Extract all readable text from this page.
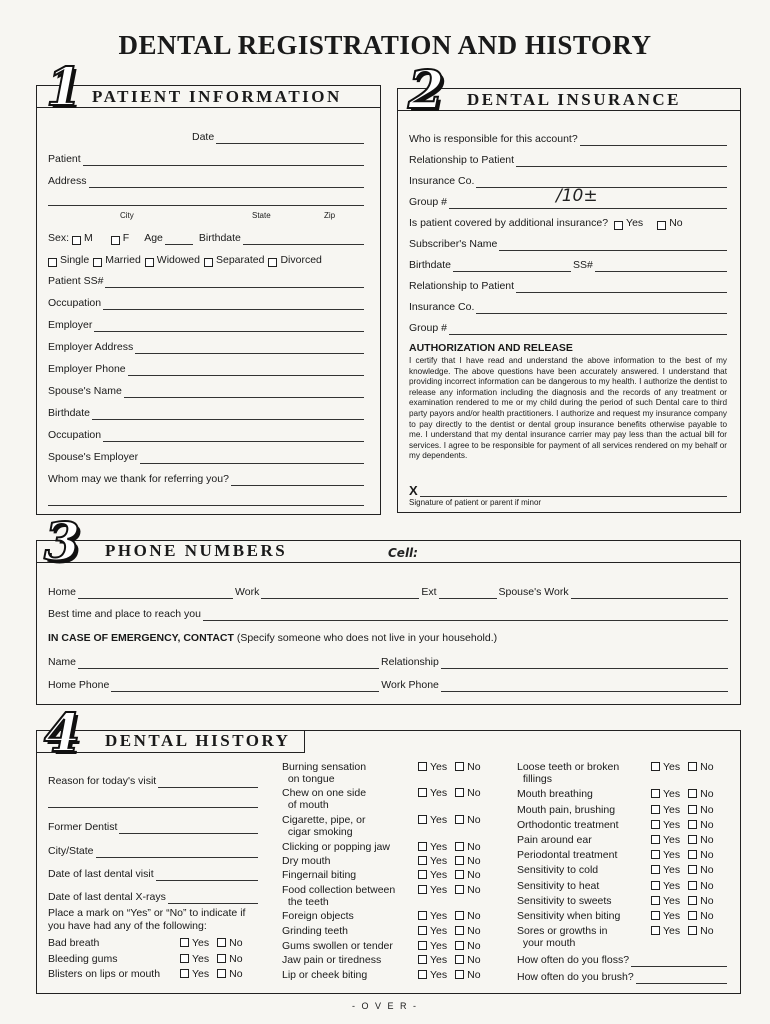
DENTAL REGISTRATION AND HISTORY
1 PATIENT INFORMATION
Date
Patient
Address
City	State	Zip
Sex: M	F Age	Birthdate
Single Married Widowed Separated Divorced
Patient SS#
Occupation
Employer
Employer Address
Employer Phone
Spouse's Name
Birthdate
Occupation
Spouse's Employer
Whom may we thank for referring you?
2 DENTAL INSURANCE
Who is responsible for this account?
Relationship to Patient
Insurance Co.
Group #	/10±
Is patient covered by additional insurance? Yes No
Subscriber's Name
Birthdate	SS#
Relationship to Patient
Insurance Co.
Group #
AUTHORIZATION AND RELEASE
I certify that I have read and understand the above information to the best of my knowledge. The above questions have been accurately answered. I understand that providing incorrect information can be dangerous to my health. I authorize the dentist to release any information including the diagnosis and the records of any treatment or examination rendered to me or my child during the period of such Dental care to third party payors and/or health practitioners. I authorize and request my insurance company to pay directly to the dentist or dental group insurance benefits otherwise payable to me. I understand that my dental insurance carrier may pay less than the actual bill for services. I agree to be responsible for payment of all services rendered on my behalf or my dependents.
X
Signature of patient or parent if minor
3 PHONE NUMBERS	Cell:
Home	Work	Ext	Spouse's Work
Best time and place to reach you
IN CASE OF EMERGENCY, CONTACT (Specify someone who does not live in your household.)
Name	Relationship
Home Phone	Work Phone
4 DENTAL HISTORY
Reason for today's visit
Former Dentist
City/State
Date of last dental visit
Date of last dental X-rays
Place a mark on “Yes” or “No” to indicate if you have had any of the following:
Bad breath	Yes No
Bleeding gums	Yes No
Blisters on lips or mouth	Yes No
Burning sensation
on tongue
Yes No
Chew on one side
of mouth
Yes No
Cigarette, pipe, or
cigar smoking
Yes No
Clicking or popping jaw	Yes No
Dry mouth	Yes No
Fingernail biting	Yes No
Food collection between
the teeth
Yes No
Foreign objects	Yes No
Grinding teeth	Yes No
Gums swollen or tender	Yes No
Jaw pain or tiredness	Yes No
Lip or cheek biting	Yes No
Loose teeth or broken
fillings
Yes No
Mouth breathing	Yes No
Mouth pain, brushing	Yes No
Orthodontic treatment	Yes No
Pain around ear	Yes No
Periodontal treatment	Yes No
Sensitivity to cold	Yes No
Sensitivity to heat	Yes No
Sensitivity to sweets	Yes No
Sensitivity when biting	Yes No
Sores or growths in
your mouth
Yes No
How often do you floss?
How often do you brush?
- O V E R -
